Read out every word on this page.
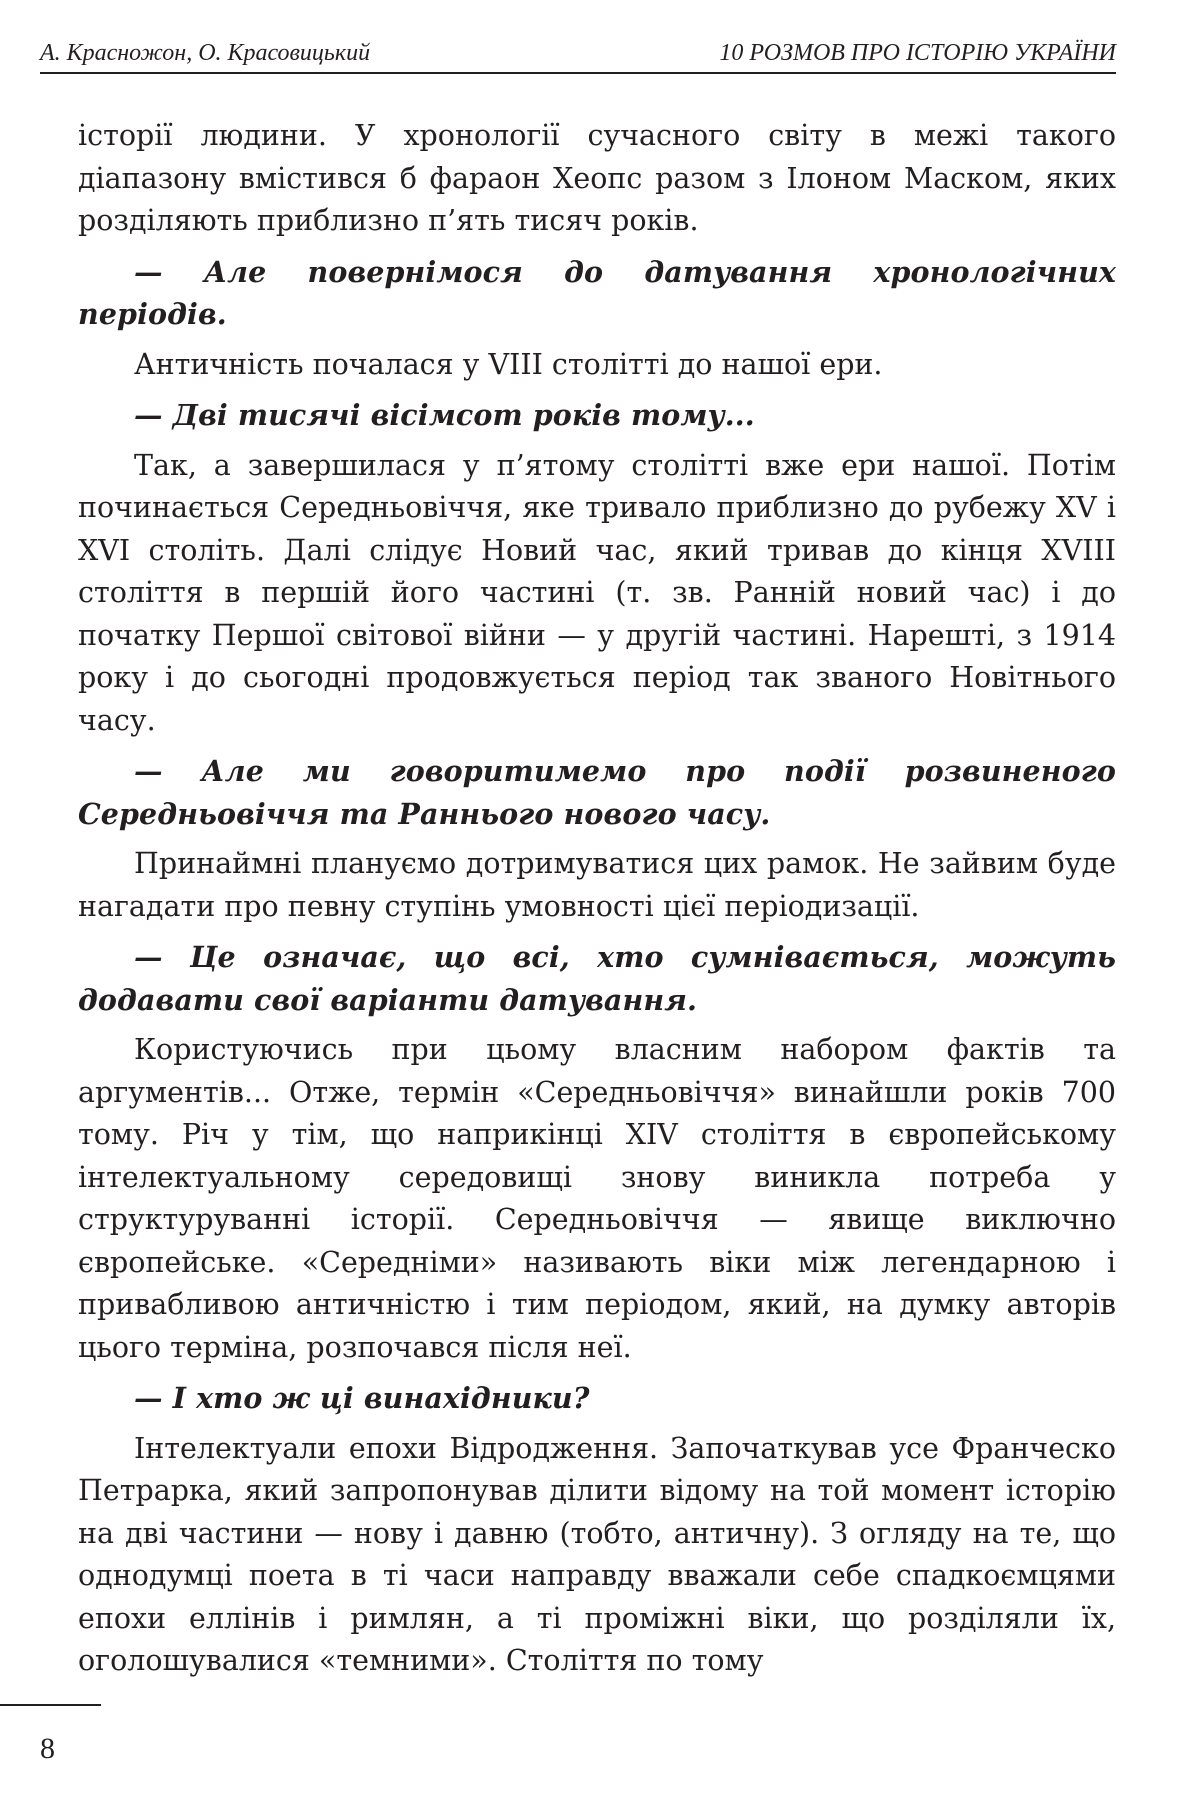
А. Красножон, О. Красовицький	10 РОЗМОВ ПРО ІСТОРІЮ УКРАЇНИ

історії людини. У хронології сучасного світу в межі такого діапазону вмістився б фараон Хеопс разом з Ілоном Маском, яких розділяють приблизно п’ять тисяч років.

— Але повернімося до датування хронологічних періодів.

Античність почалася у VIII столітті до нашої ери.

— Дві тисячі вісімсот років тому...

Так, а завершилася у п’ятому столітті вже ери нашої. Потім починається Середньовіччя, яке тривало приблизно до рубежу XV і XVI століть. Далі слідує Новий час, який тривав до кінця XVIII століття в першій його частині (т. зв. Ранній новий час) і до початку Першої світової війни — у другій частині. Нарешті, з 1914 року і до сьогодні продовжується період так званого Новітнього часу.

— Але ми говоритимемо про події розвиненого Середньовіччя та Раннього нового часу.

Принаймні плануємо дотримуватися цих рамок. Не зайвим буде нагадати про певну ступінь умовності цієї періодизації.

— Це означає, що всі, хто сумнівається, можуть додавати свої варіанти датування.

Користуючись при цьому власним набором фактів та аргументів... Отже, термін «Середньовіччя» винайшли років 700 тому. Річ у тім, що наприкінці XIV століття в європейському інтелектуальному середовищі знову виникла потреба у структуруванні історії. Середньовіччя — явище виключно європейське. «Середніми» називають віки між легендарною і привабливою античністю і тим періодом, який, на думку авторів цього терміна, розпочався після неї.

— І хто ж ці винахідники?

Інтелектуали епохи Відродження. Започаткував усе Франческо Петрарка, який запропонував ділити відому на той момент історію на дві частини — нову і давню (тобто, античну). З огляду на те, що однодумці поета в ті часи направду вважали себе спадкоємцями епохи еллінів і римлян, а ті проміжні віки, що розділяли їх, оголошувалися «темними». Століття по тому

8
